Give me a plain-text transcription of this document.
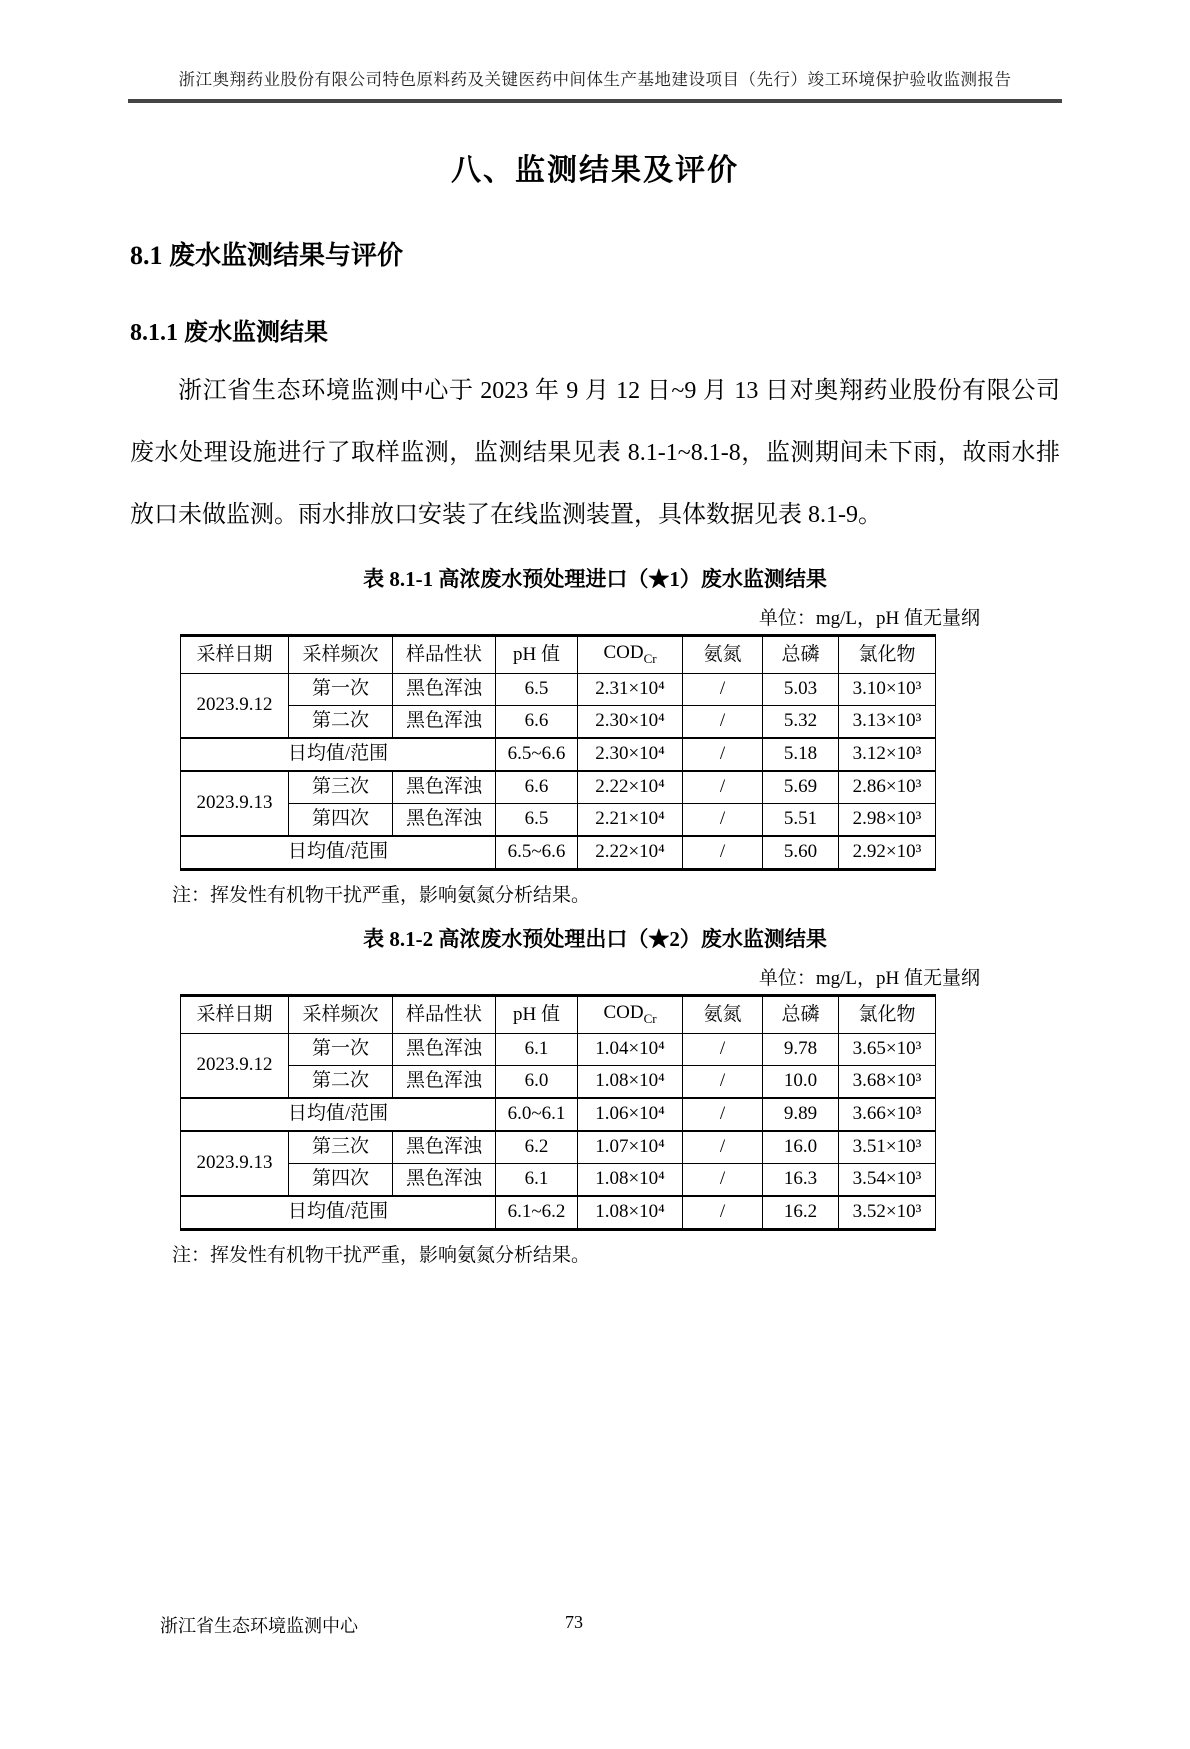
浙江奥翔药业股份有限公司特色原料药及关键医药中间体生产基地建设项目（先行）竣工环境保护验收监测报告
八、监测结果及评价
8.1 废水监测结果与评价
8.1.1 废水监测结果
浙江省生态环境监测中心于 2023 年 9 月 12 日~9 月 13 日对奥翔药业股份有限公司废水处理设施进行了取样监测，监测结果见表 8.1-1~8.1-8，监测期间未下雨，故雨水排放口未做监测。雨水排放口安装了在线监测装置，具体数据见表 8.1-9。
表 8.1-1 高浓废水预处理进口（★1）废水监测结果
单位：mg/L，pH 值无量纲
采样日期	采样频次	样品性状	pH 值	$COD_{Cr}$	氨氮	总磷	氯化物
2023.9.12	第一次	黑色浑浊	6.5	2.31×10⁴	/	5.03	3.10×10³
	第二次	黑色浑浊	6.6	2.30×10⁴	/	5.32	3.13×10³
日均值/范围			6.5~6.6	2.30×10⁴	/	5.18	3.12×10³
2023.9.13	第三次	黑色浑浊	6.6	2.22×10⁴	/	5.69	2.86×10³
	第四次	黑色浑浊	6.5	2.21×10⁴	/	5.51	2.98×10³
日均值/范围			6.5~6.6	2.22×10⁴	/	5.60	2.92×10³
注：挥发性有机物干扰严重，影响氨氮分析结果。
表 8.1-2 高浓废水预处理出口（★2）废水监测结果
单位：mg/L，pH 值无量纲
采样日期	采样频次	样品性状	pH 值	$COD_{Cr}$	氨氮	总磷	氯化物
2023.9.12	第一次	黑色浑浊	6.1	1.04×10⁴	/	9.78	3.65×10³
	第二次	黑色浑浊	6.0	1.08×10⁴	/	10.0	3.68×10³
日均值/范围			6.0~6.1	1.06×10⁴	/	9.89	3.66×10³
2023.9.13	第三次	黑色浑浊	6.2	1.07×10⁴	/	16.0	3.51×10³
	第四次	黑色浑浊	6.1	1.08×10⁴	/	16.3	3.54×10³
日均值/范围			6.1~6.2	1.08×10⁴	/	16.2	3.52×10³
注：挥发性有机物干扰严重，影响氨氮分析结果。
浙江省生态环境监测中心	73
